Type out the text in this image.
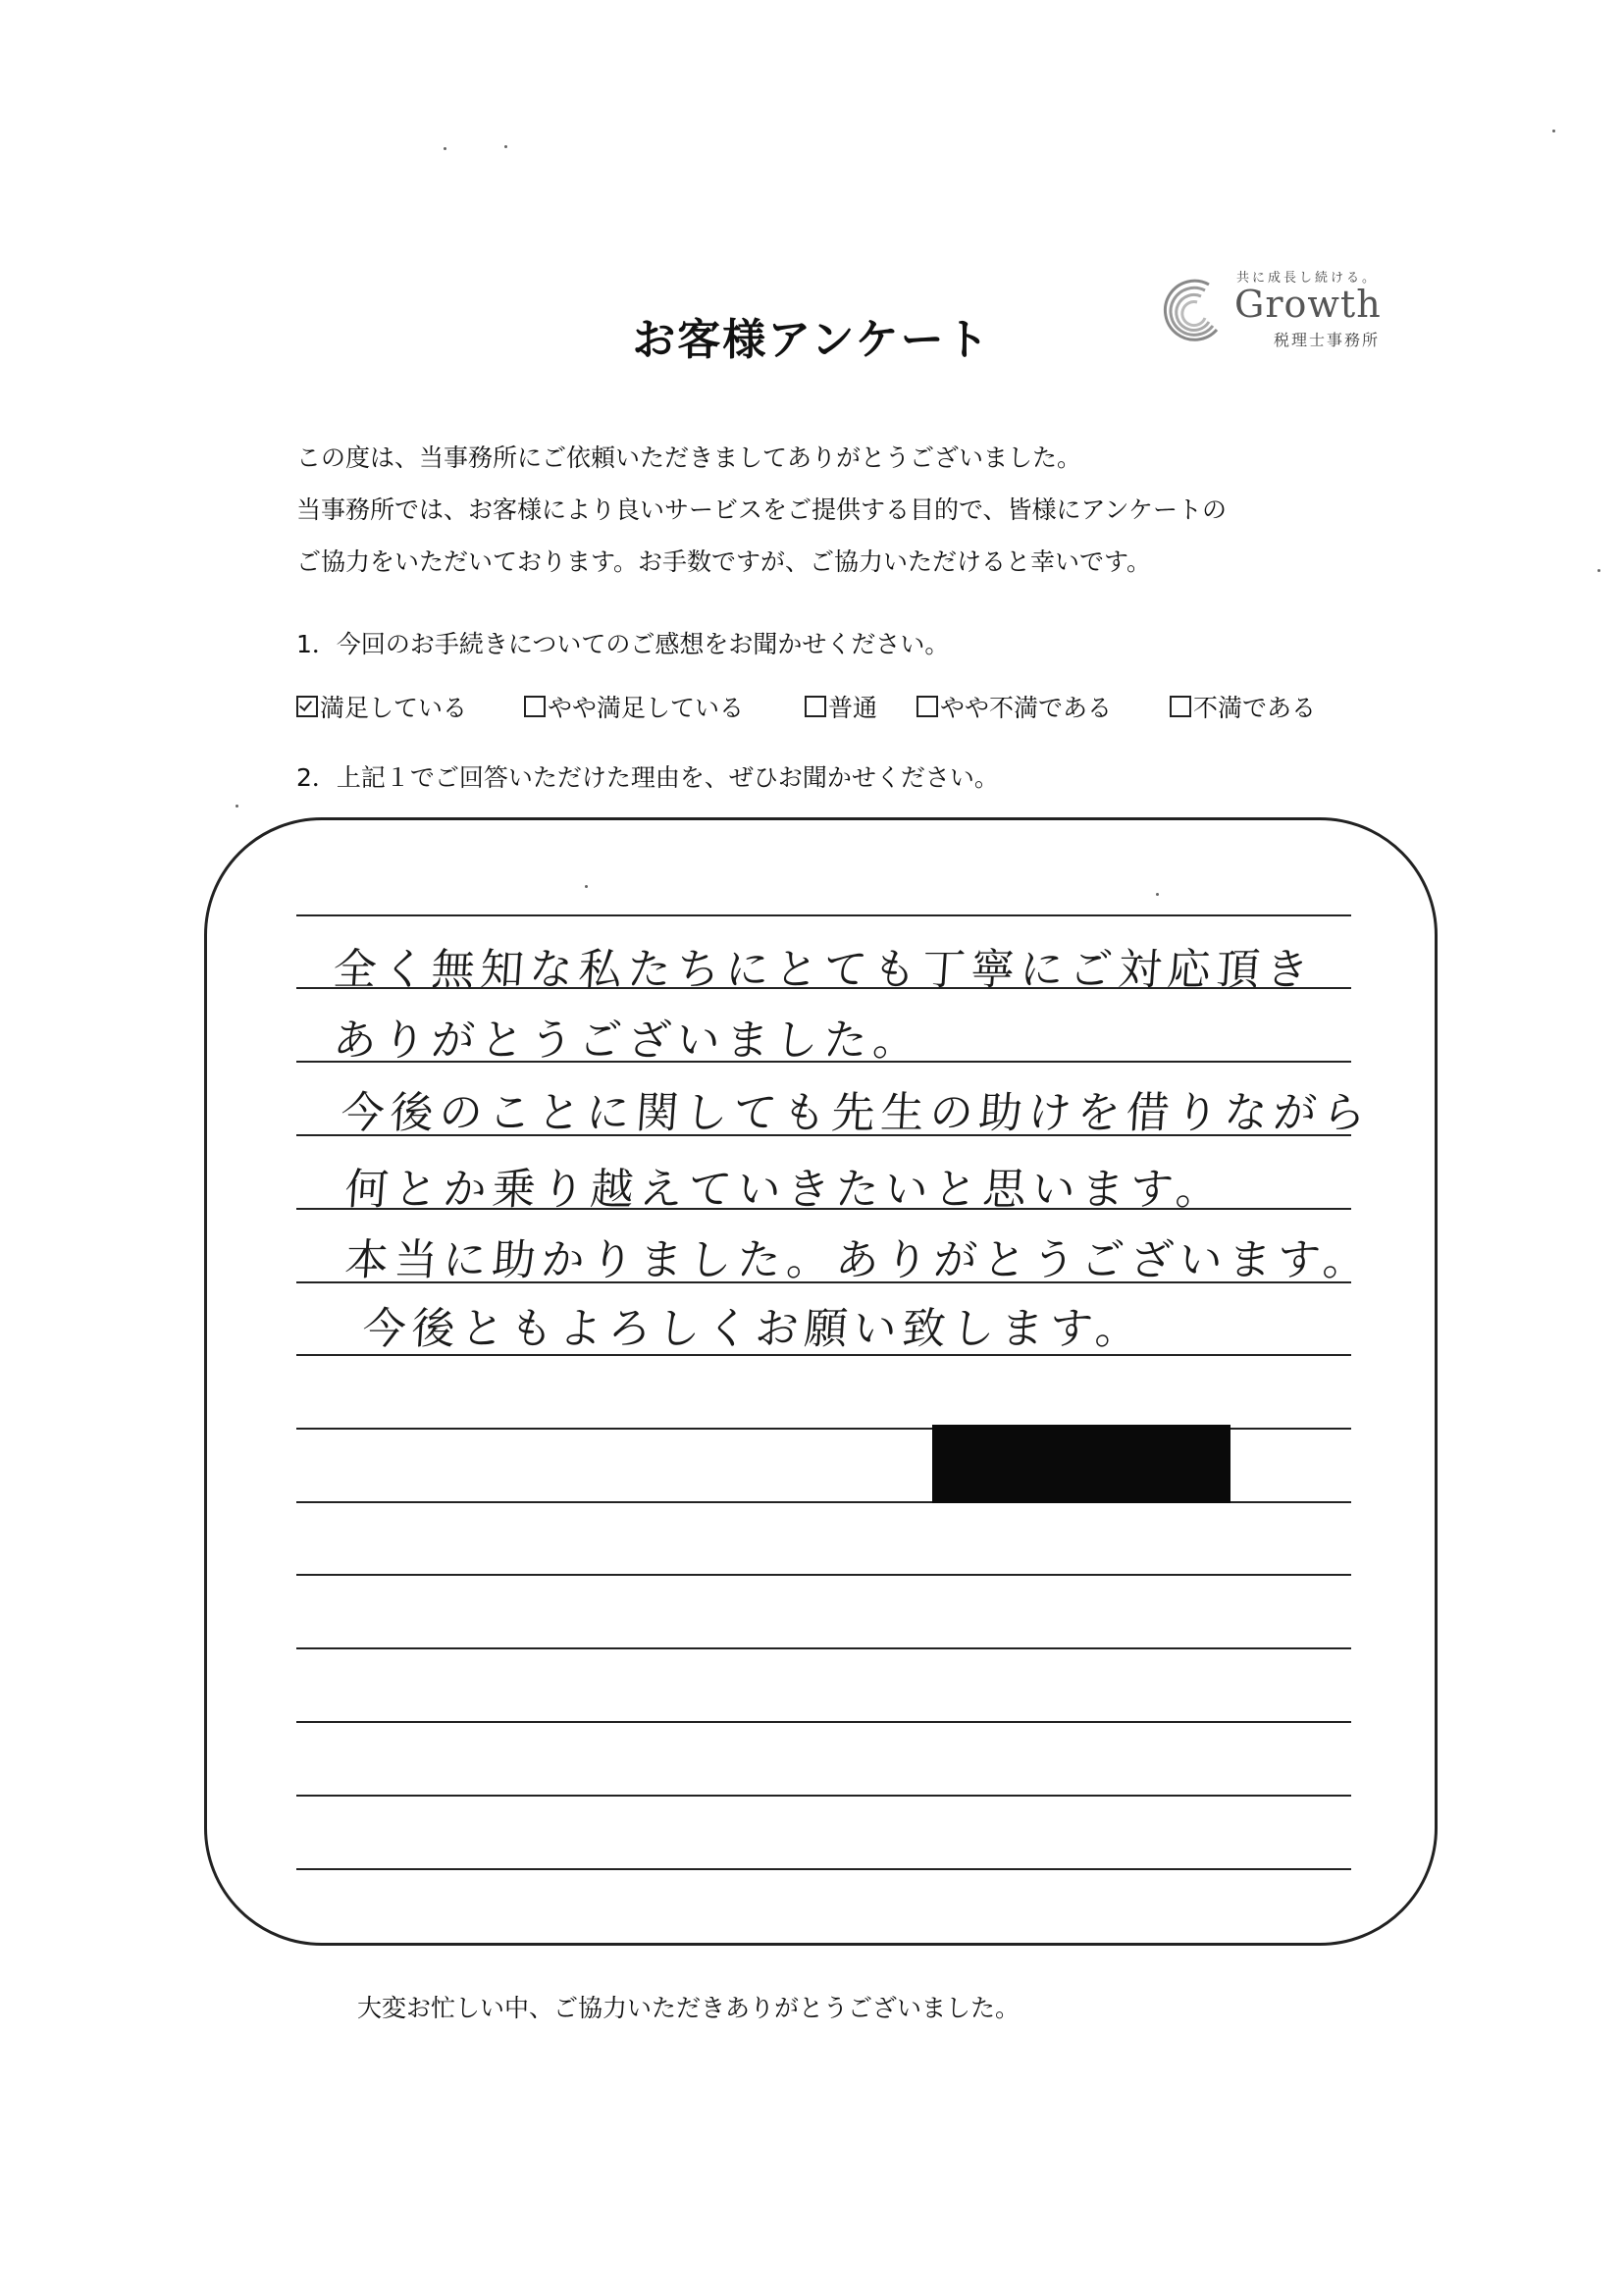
お客様アンケート
共に成長し続ける。
Growth
税理士事務所

この度は、当事務所にご依頼いただきましてありがとうございました。

当事務所では、お客様により良いサービスをご提供する目的で、皆様にアンケートの

ご協力をいただいております。お手数ですが、ご協力いただけると幸いです。

1．今回のお手続きについてのご感想をお聞かせください。
満足している	やや満足している	普通	やや不満である	不満である
2．上記１でご回答いただけた理由を、ぜひお聞かせください。
全く無知な私たちにとても丁寧にご対応頂き
ありがとうございました。
今後のことに関しても先生の助けを借りながら
何とか乗り越えていきたいと思います。
本当に助かりました。ありがとうございます。
今後ともよろしくお願い致します。
大変お忙しい中、ご協力いただきありがとうございました。
